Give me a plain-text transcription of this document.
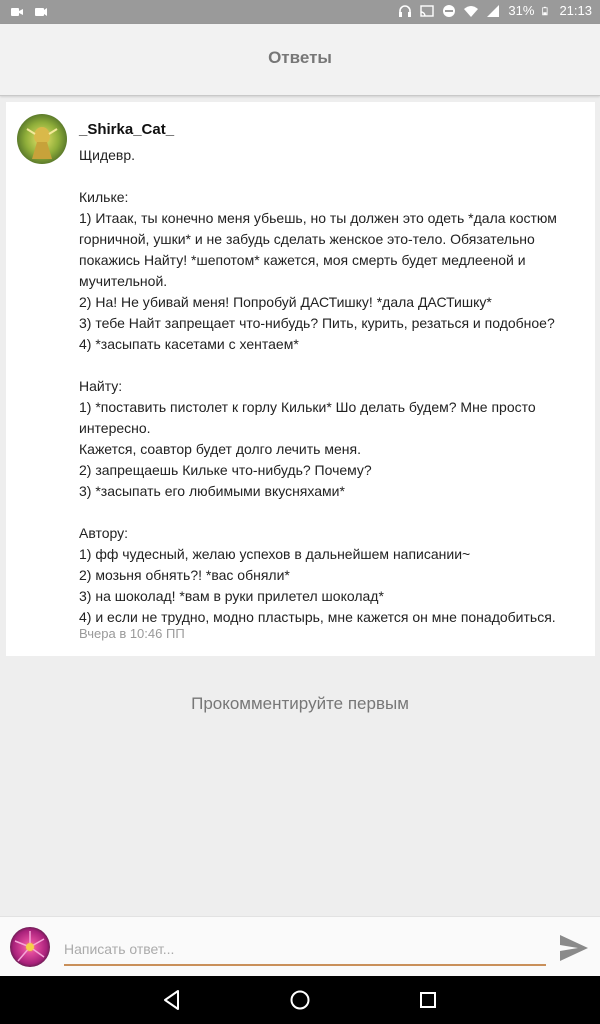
31% 21:13
Ответы
_Shirka_Cat_

Щидевр.

Кильке:

1) Итаак, ты конечно меня убьешь, но ты должен это одеть *дала костюм горничной, ушки* и не забудь сделать женское это-тело. Обязательно покажись Найту! *шепотом* кажется, моя смерть будет медлееной и мучительной.

2) На! Не убивай меня! Попробуй ДАСТишку! *дала ДАСТишку*

3) тебе Найт запрещает что-нибудь? Пить, курить, резаться и подобное?

4) *засыпать касетами с хентаем*

Найту:

1) *поставить пистолет к горлу Кильки* Шо делать будем? Мне просто интересно.

Кажется, соавтор будет долго лечить меня.

2) запрещаешь Кильке что-нибудь? Почему?

3) *засыпать его любимыми вкусняхами*

Автору:

1) фф чудесный, желаю успехов в дальнейшем написании~

2) мозьня обнять?! *вас обняли*

3) на шоколад! *вам в руки прилетел шоколад*

4) и если не трудно, модно пластырь, мне кажется он мне понадобиться.

Вчера в 10:46 ПП
Прокомментируйте первым
Написать ответ...
